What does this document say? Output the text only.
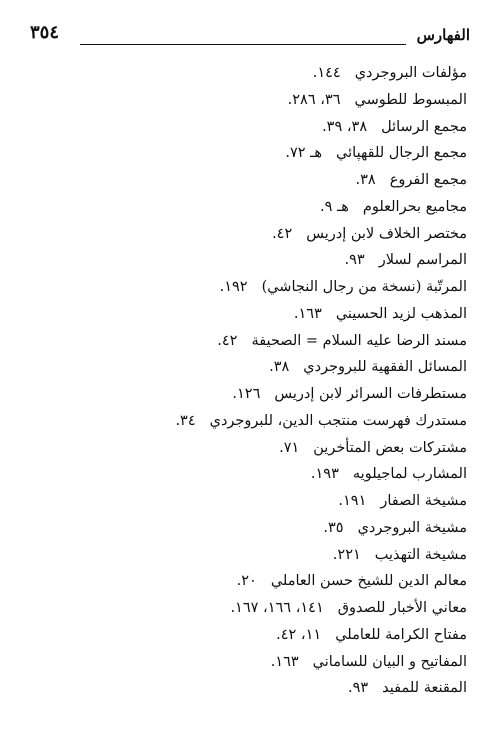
الفهارس
٣٥٤
مؤلفات البروجردي١٤٤.
المبسوط للطوسي٣٦، ٢٨٦.
مجمع الرسائل٣٨، ٣٩.
مجمع الرجال للقهپائيهـ ٧٢.
مجمع الفروع٣٨.
مجاميع بحرالعلومهـ ٩.
مختصر الخلاف لابن إدريس٤٢.
المراسم لسلار٩٣.
المرتّبة (نسخة من رجال النجاشي)١٩٢.
المذهب لزيد الحسيني١٦٣.
مسند الرضا عليه السلام = الصحيفة٤٢.
المسائل الفقهية للبروجردي٣٨.
مستطرفات السرائر لابن إدريس١٢٦.
مستدرك فهرست منتجب الدين، للبروجردي٣٤.
مشتركات بعض المتأخرين٧١.
المشارب لماجيلويه١٩٣.
مشيخة الصفار١٩١.
مشيخة البروجردي٣٥.
مشيخة التهذيب٢٢١.
معالم الدين للشيخ حسن العاملي٢٠.
معاني الأخبار للصدوق١٤١، ١٦٦، ١٦٧.
مفتاح الكرامة للعاملي١١، ٤٢.
المفاتيح و البيان للساماني١٦٣.
المقنعة للمفيد٩٣.
